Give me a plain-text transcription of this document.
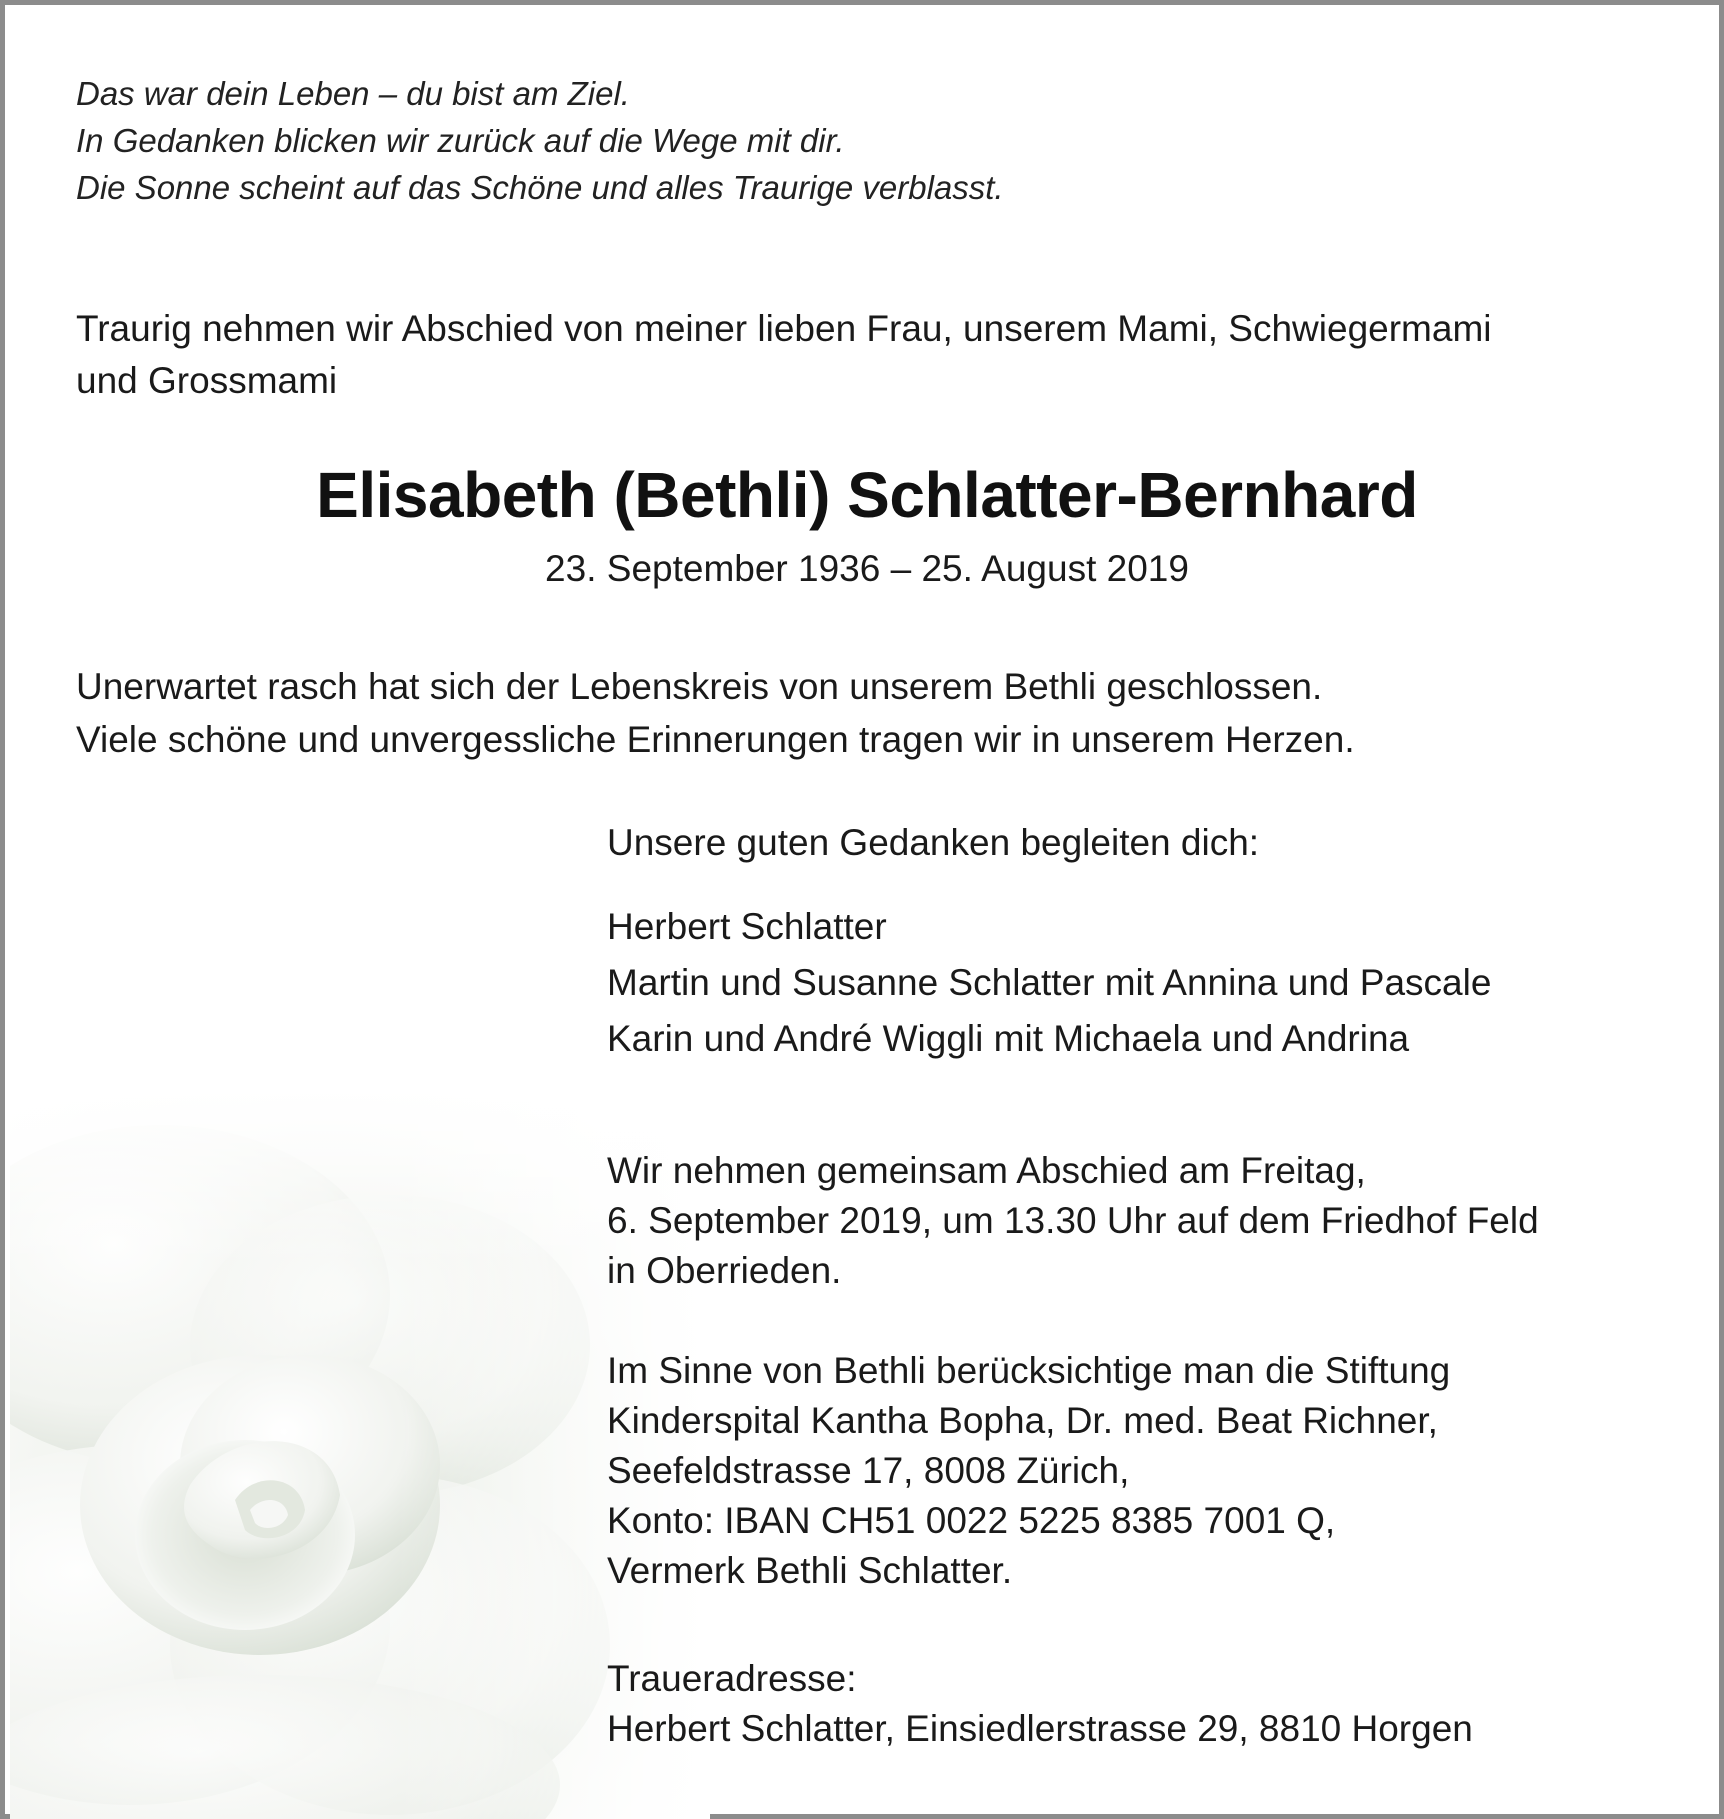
Das war dein Leben – du bist am Ziel.
In Gedanken blicken wir zurück auf die Wege mit dir.
Die Sonne scheint auf das Schöne und alles Traurige verblasst.
Traurig nehmen wir Abschied von meiner lieben Frau, unserem Mami, Schwiegermami
und Grossmami
Elisabeth (Bethli) Schlatter-Bernhard
23. September 1936 – 25. August 2019
Unerwartet rasch hat sich der Lebenskreis von unserem Bethli geschlossen.
Viele schöne und unvergessliche Erinnerungen tragen wir in unserem Herzen.
Unsere guten Gedanken begleiten dich:
Herbert Schlatter
Martin und Susanne Schlatter mit Annina und Pascale
Karin und André Wiggli mit Michaela und Andrina
Wir nehmen gemeinsam Abschied am Freitag,
6. September 2019, um 13.30 Uhr auf dem Friedhof Feld
in Oberrieden.
Im Sinne von Bethli berücksichtige man die Stiftung
Kinderspital Kantha Bopha, Dr. med. Beat Richner,
Seefeldstrasse 17, 8008 Zürich,
Konto: IBAN CH51 0022 5225 8385 7001 Q,
Vermerk Bethli Schlatter.
Traueradresse:
Herbert Schlatter, Einsiedlerstrasse 29, 8810 Horgen
